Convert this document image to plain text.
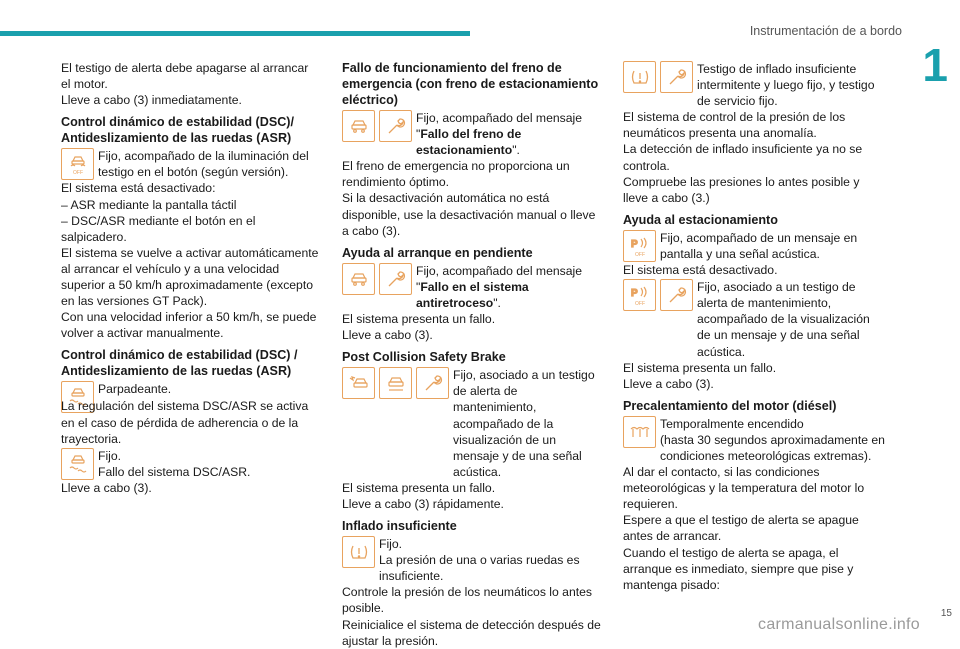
Instrumentación de a bordo
1

El testigo de alerta debe apagarse al arrancar el motor.

Lleve a cabo (3) inmediatamente.

Control dinámico de estabilidad (DSC)/ Antideslizamiento de las ruedas (ASR)

OFF
Fijo, acompañado de la iluminación del testigo en el botón (según versión).

El sistema está desactivado:

– ASR mediante la pantalla táctil

– DSC/ASR mediante el botón en el salpicadero.

El sistema se vuelve a activar automáticamente al arrancar el vehículo y a una velocidad superior a 50 km/h aproximadamente (excepto en las versiones GT Pack).

Con una velocidad inferior a 50 km/h, se puede volver a activar manualmente.

Control dinámico de estabilidad (DSC) / Antideslizamiento de las ruedas (ASR)

Parpadeante.

La regulación del sistema DSC/ASR se activa en el caso de pérdida de adherencia o de la trayectoria.

Fijo.
Fallo del sistema DSC/ASR.

Lleve a cabo (3).

Fallo de funcionamiento del freno de emergencia (con freno de estacionamiento eléctrico)

Fijo, acompañado del mensaje "Fallo del freno de estacionamiento".

El freno de emergencia no proporciona un rendimiento óptimo.

Si la desactivación automática no está disponible, use la desactivación manual o lleve a cabo (3).

Ayuda al arranque en pendiente

Fijo, acompañado del mensaje "Fallo en el sistema antiretroceso".

El sistema presenta un fallo.

Lleve a cabo (3).

Post Collision Safety Brake

Fijo, asociado a un testigo de alerta de mantenimiento, acompañado de la visualización de un mensaje y de una señal acústica.

El sistema presenta un fallo.

Lleve a cabo (3) rápidamente.

Inflado insuficiente

Fijo.
La presión de una o varias ruedas es insuficiente.

Controle la presión de los neumáticos lo antes posible.

Reinicialice el sistema de detección después de ajustar la presión.

Testigo de inflado insuficiente intermitente y luego fijo, y testigo de servicio fijo.

El sistema de control de la presión de los neumáticos presenta una anomalía.

La detección de inflado insuficiente ya no se controla.

Compruebe las presiones lo antes posible y lleve a cabo (3.)

Ayuda al estacionamiento

P
OFF
Fijo, acompañado de un mensaje en pantalla y una señal acústica.

El sistema está desactivado.

P
OFF
Fijo, asociado a un testigo de alerta de mantenimiento, acompañado de la visualización de un mensaje y de una señal acústica.

El sistema presenta un fallo.

Lleve a cabo (3).

Precalentamiento del motor (diésel)

Temporalmente encendido
(hasta 30 segundos aproximadamente en condiciones meteorológicas extremas).

Al dar el contacto, si las condiciones meteorológicas y la temperatura del motor lo requieren.

Espere a que el testigo de alerta se apague antes de arrancar.

Cuando el testigo de alerta se apaga, el arranque es inmediato, siempre que pise y mantenga pisado:

15
carmanualsonline.info
